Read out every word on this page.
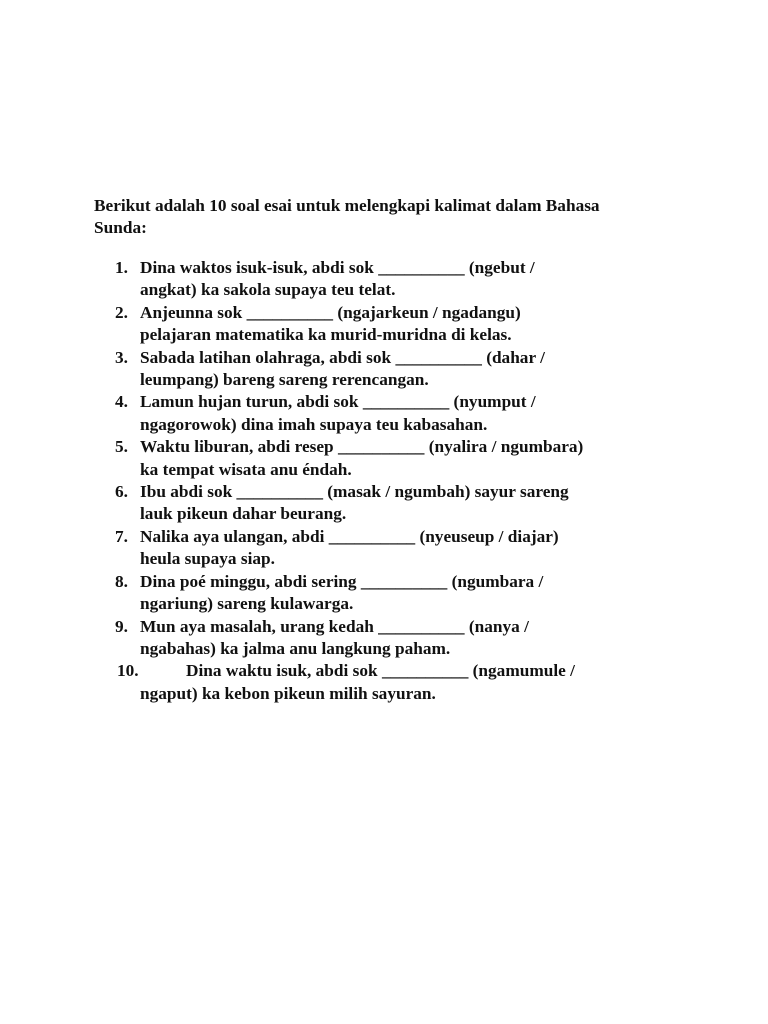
Berikut adalah 10 soal esai untuk melengkapi kalimat dalam Bahasa Sunda:

1. Dina waktos isuk-isuk, abdi sok __________ (ngebut /
angkat) ka sakola supaya teu telat.
2. Anjeunna sok __________ (ngajarkeun / ngadangu)
pelajaran matematika ka murid-muridna di kelas.
3. Sabada latihan olahraga, abdi sok __________ (dahar /
leumpang) bareng sareng rerencangan.
4. Lamun hujan turun, abdi sok __________ (nyumput /
ngagorowok) dina imah supaya teu kabasahan.
5. Waktu liburan, abdi resep __________ (nyalira / ngumbara)
ka tempat wisata anu éndah.
6. Ibu abdi sok __________ (masak / ngumbah) sayur sareng
lauk pikeun dahar beurang.
7. Nalika aya ulangan, abdi __________ (nyeuseup / diajar)
heula supaya siap.
8. Dina poé minggu, abdi sering __________ (ngumbara /
ngariung) sareng kulawarga.
9. Mun aya masalah, urang kedah __________ (nanya /
ngabahas) ka jalma anu langkung paham.
10.	Dina waktu isuk, abdi sok __________ (ngamumule /
ngaput) ka kebon pikeun milih sayuran.
